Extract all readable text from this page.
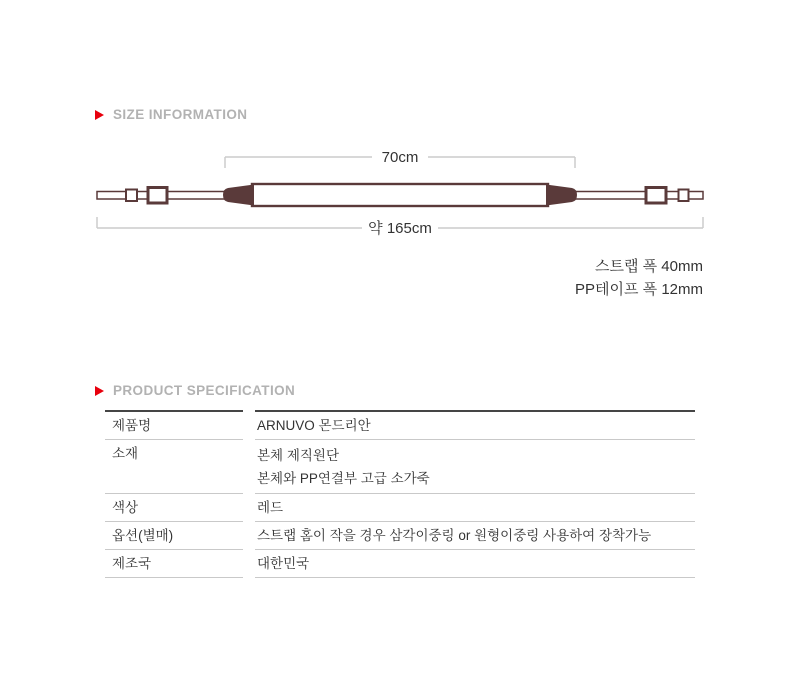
SIZE INFORMATION
70cm
약 165cm
스트랩 폭 40mm
PP테이프 폭 12mm
PRODUCT SPECIFICATION
제품명	ARNUVO 몬드리안
소재	본체 제직원단
본체와 PP연결부 고급 소가죽
색상	레드
옵션(별매)	스트랩 홈이 작을 경우 삼각이중링 or 원형이중링 사용하여 장착가능
제조국	대한민국
